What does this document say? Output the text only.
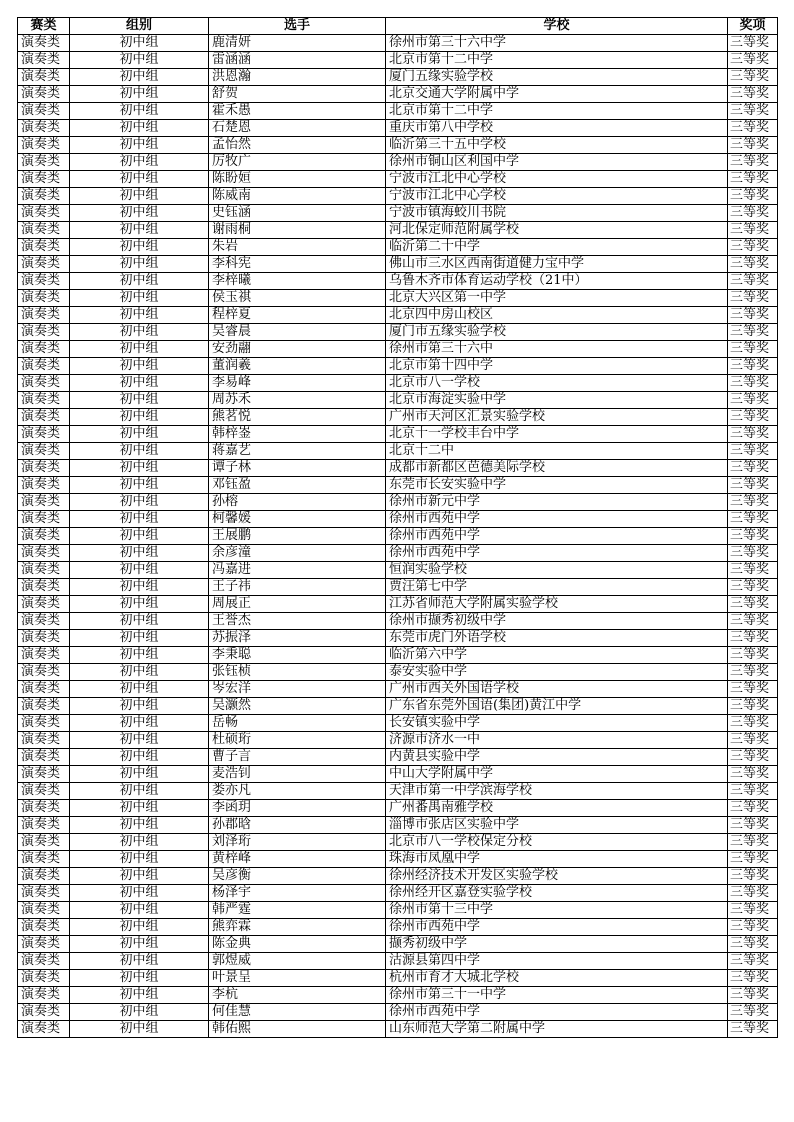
赛类	组别	选手	学校	奖项
演奏类	初中组	鹿清妍	徐州市第三十六中学	三等奖
演奏类	初中组	雷涵涵	北京市第十二中学	三等奖
演奏类	初中组	洪恩瀚	厦门五缘实验学校	三等奖
演奏类	初中组	舒贺	北京交通大学附属中学	三等奖
演奏类	初中组	霍禾愚	北京市第十二中学	三等奖
演奏类	初中组	石楚恩	重庆市第八中学校	三等奖
演奏类	初中组	孟怡然	临沂第三十五中学校	三等奖
演奏类	初中组	厉牧广	徐州市铜山区利国中学	三等奖
演奏类	初中组	陈盼姮	宁波市江北中心学校	三等奖
演奏类	初中组	陈威南	宁波市江北中心学校	三等奖
演奏类	初中组	史钰涵	宁波市镇海蛟川书院	三等奖
演奏类	初中组	谢雨桐	河北保定师范附属学校	三等奖
演奏类	初中组	朱岩	临沂第二十中学	三等奖
演奏类	初中组	李科宪	佛山市三水区西南街道健力宝中学	三等奖
演奏类	初中组	李梓曦	乌鲁木齐市体育运动学校（21中）	三等奖
演奏类	初中组	侯玉祺	北京大兴区第一中学	三等奖
演奏类	初中组	程梓夏	北京四中房山校区	三等奖
演奏类	初中组	吴睿晨	厦门市五缘实验学校	三等奖
演奏类	初中组	安劲翮	徐州市第三十六中	三等奖
演奏类	初中组	董润羲	北京市第十四中学	三等奖
演奏类	初中组	李易峰	北京市八一学校	三等奖
演奏类	初中组	周苏禾	北京市海淀实验中学	三等奖
演奏类	初中组	熊茗悦	广州市天河区汇景实验学校	三等奖
演奏类	初中组	韩梓崟	北京十一学校丰台中学	三等奖
演奏类	初中组	蒋嘉艺	北京十二中	三等奖
演奏类	初中组	谭子林	成都市新都区芭德美际学校	三等奖
演奏类	初中组	邓钰盈	东莞市长安实验中学	三等奖
演奏类	初中组	孙榕	徐州市新元中学	三等奖
演奏类	初中组	柯馨媛	徐州市西苑中学	三等奖
演奏类	初中组	王展鹏	徐州市西苑中学	三等奖
演奏类	初中组	余彦潼	徐州市西苑中学	三等奖
演奏类	初中组	冯嘉进	恒润实验学校	三等奖
演奏类	初中组	王子祎	贾汪第七中学	三等奖
演奏类	初中组	周展正	江苏省师范大学附属实验学校	三等奖
演奏类	初中组	王誉杰	徐州市撷秀初级中学	三等奖
演奏类	初中组	苏振泽	东莞市虎门外语学校	三等奖
演奏类	初中组	李秉聪	临沂第六中学	三等奖
演奏类	初中组	张钰桢	泰安实验中学	三等奖
演奏类	初中组	岑宏洋	广州市西关外国语学校	三等奖
演奏类	初中组	吴灏然	广东省东莞外国语(集团)黄江中学	三等奖
演奏类	初中组	岳畅	长安镇实验中学	三等奖
演奏类	初中组	杜硕珩	济源市济水一中	三等奖
演奏类	初中组	曹子言	内黄县实验中学	三等奖
演奏类	初中组	麦浩钊	中山大学附属中学	三等奖
演奏类	初中组	娄亦凡	天津市第一中学滨海学校	三等奖
演奏类	初中组	李函玥	广州番禺南雅学校	三等奖
演奏类	初中组	孙郡晗	淄博市张店区实验中学	三等奖
演奏类	初中组	刘泽珩	北京市八一学校保定分校	三等奖
演奏类	初中组	黄梓峰	珠海市凤凰中学	三等奖
演奏类	初中组	吴彦衡	徐州经济技术开发区实验学校	三等奖
演奏类	初中组	杨泽宇	徐州经开区嘉登实验学校	三等奖
演奏类	初中组	韩严霆	徐州市第十三中学	三等奖
演奏类	初中组	熊弈霖	徐州市西苑中学	三等奖
演奏类	初中组	陈金典	撷秀初级中学	三等奖
演奏类	初中组	郭煜威	沽源县第四中学	三等奖
演奏类	初中组	叶景呈	杭州市育才大城北学校	三等奖
演奏类	初中组	李杭	徐州市第三十一中学	三等奖
演奏类	初中组	何佳慧	徐州市西苑中学	三等奖
演奏类	初中组	韩佑熙	山东师范大学第二附属中学	三等奖
